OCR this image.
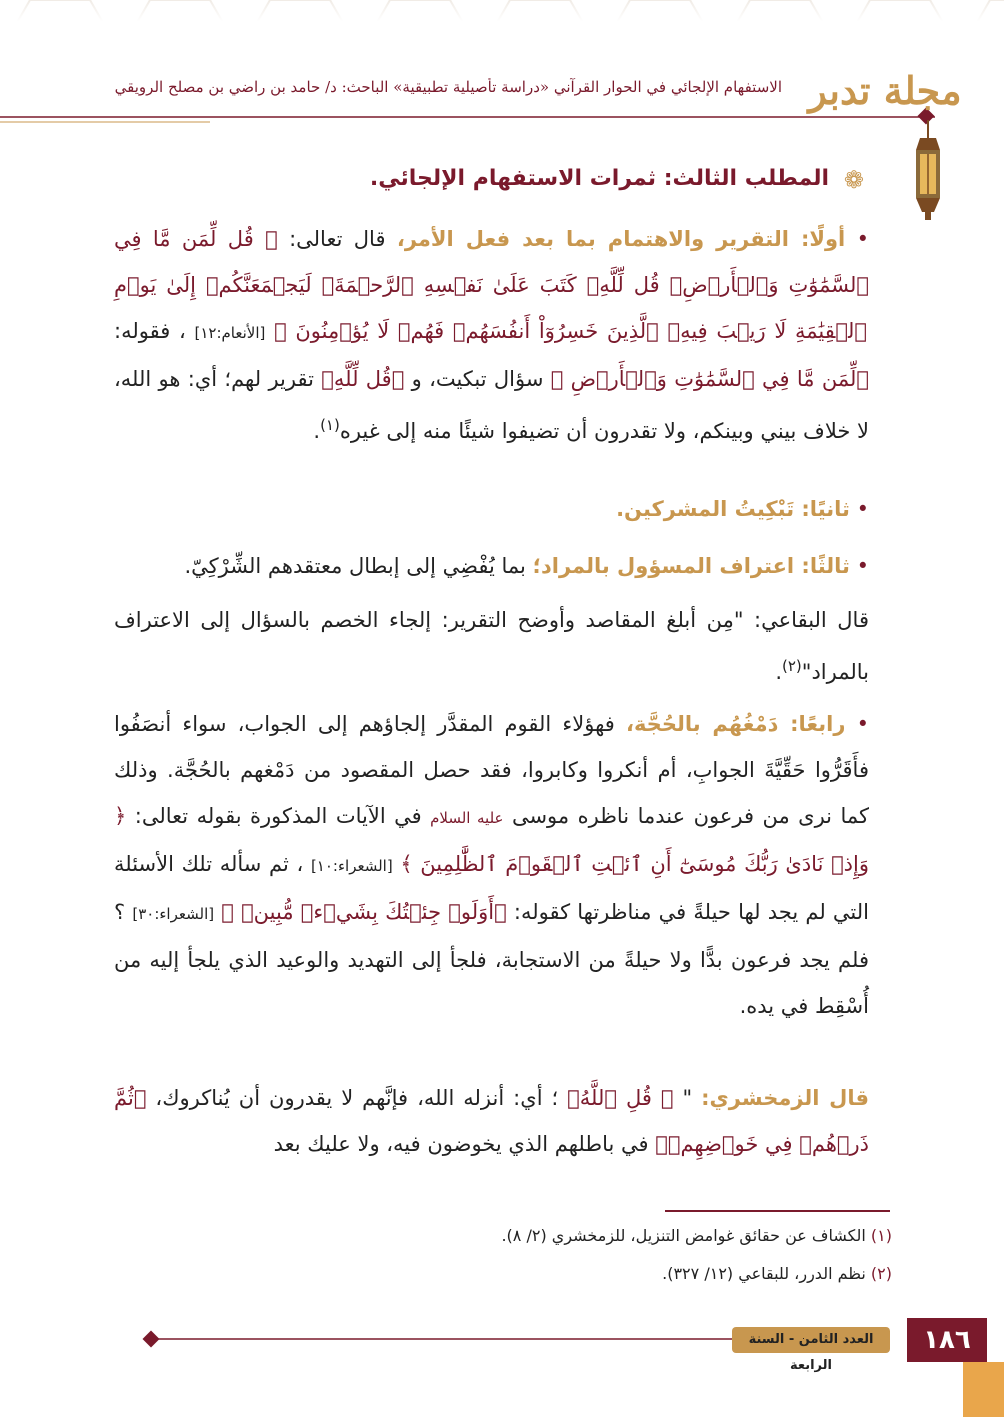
الاستفهام الإلجائي في الحوار القرآني «دراسة تأصيلية تطبيقية» الباحث: د/ حامد بن راضي بن مصلح الرويقي مجلة تدبر
❁
المطلب الثالث: ثمرات الاستفهام الإلجائي.
• أولًا: التقرير والاهتمام بما بعد فعل الأمر، قال تعالى: ﴿ قُل لِّمَن مَّا فِي ٱلسَّمَٰوَٰتِ وَٱلۡأَرۡضِۖ قُل لِّلَّهِۚ كَتَبَ عَلَىٰ نَفۡسِهِ ٱلرَّحۡمَةَۚ لَيَجۡمَعَنَّكُمۡ إِلَىٰ يَوۡمِ ٱلۡقِيَٰمَةِ لَا رَيۡبَ فِيهِۚ ٱلَّذِينَ خَسِرُوٓاْ أَنفُسَهُمۡ فَهُمۡ لَا يُؤۡمِنُونَ ﴾ [الأنعام:١٢] ، فقوله: ﴿لِّمَن مَّا فِي ٱلسَّمَٰوَٰتِ وَٱلۡأَرۡضِ ﴾ سؤال تبكيت، و ﴿قُل لِّلَّهِ﴾ تقرير لهم؛ أي: هو الله، لا خلاف بيني وبينكم، ولا تقدرون أن تضيفوا شيئًا منه إلى غيره$^{(١)}$.
• ثانيًا: تَبْكِيتُ المشركين.
• ثالثًا: اعتراف المسؤول بالمراد؛ بما يُفْضِي إلى إبطال معتقدهم الشِّرْكِيّ.
قال البقاعي: "مِن أبلغ المقاصد وأوضح التقرير: إلجاء الخصم بالسؤال إلى الاعتراف بالمراد"$^{(٢)}$.
• رابعًا: دَمْغُهُم بالحُجَّة، فهؤلاء القوم المقدَّر إلجاؤهم إلى الجواب، سواء أنصَفُوا فأَقَرُّوا حَقِّيَّةَ الجوابِ، أم أنكروا وكابروا، فقد حصل المقصود من دَمْغهم بالحُجَّة. وذلك كما نرى من فرعون عندما ناظره موسى عليه السلام في الآيات المذكورة بقوله تعالى: ﴿ وَإِذۡ نَادَىٰ رَبُّكَ مُوسَىٰٓ أَنِ ٱئۡتِ ٱلۡقَوۡمَ ٱلظَّٰلِمِينَ ﴾ [الشعراء:١٠] ، ثم سأله تلك الأسئلة التي لم يجد لها حيلةً في مناظرتها كقوله: ﴿أَوَلَوۡ جِئۡتُكَ بِشَيۡءٖ مُّبِينٖ ﴾ [الشعراء:٣٠] ؟ فلم يجد فرعون بدًّا ولا حيلةً من الاستجابة، فلجأ إلى التهديد والوعيد الذي يلجأ إليه من أُسْقِط في يده.
قال الزمخشري: " ﴿ قُلِ ٱللَّهُ﴾ ؛ أي: أنزله الله، فإنَّهم لا يقدرون أن يُناكروك، ﴿ثُمَّ ذَرۡهُمۡ فِي خَوۡضِهِمۡ﴾ في باطلهم الذي يخوضون فيه، ولا عليك بعد
(١) الكشاف عن حقائق غوامض التنزيل، للزمخشري (٢/ ٨).
(٢) نظم الدرر، للبقاعي (١٢/ ٣٢٧).
العدد الثامن - السنة الرابعة
١٨٦
